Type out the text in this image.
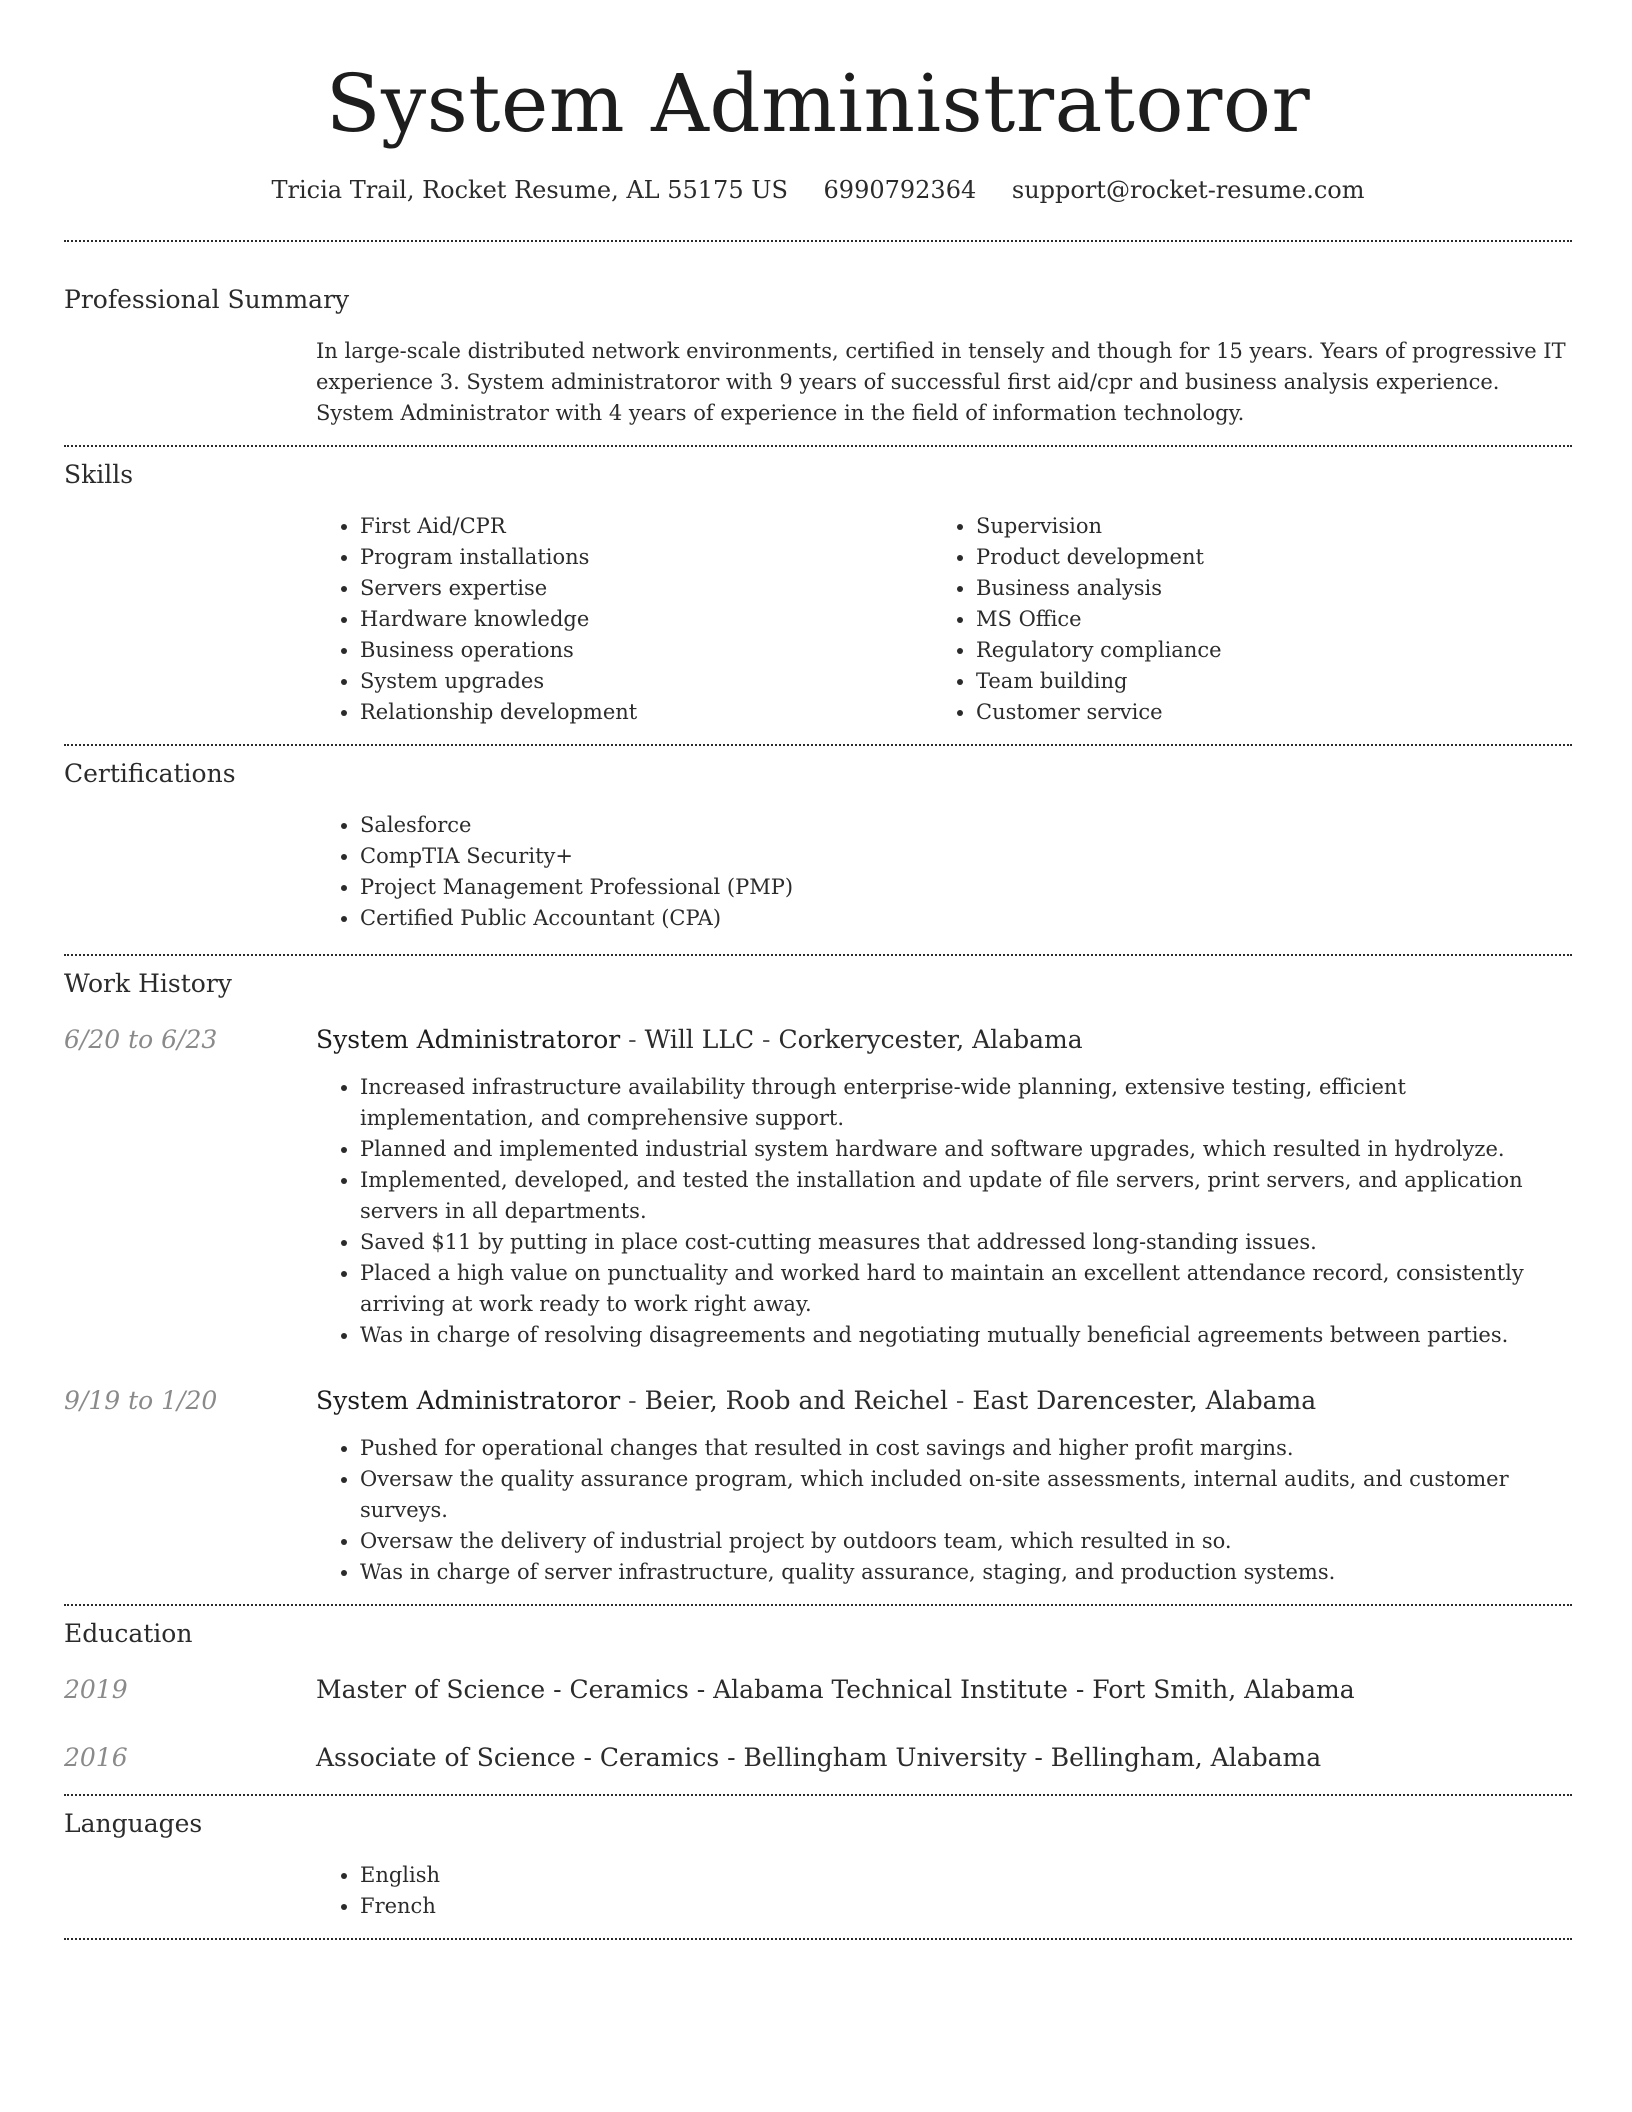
System Administratoror
Tricia Trail, Rocket Resume, AL 55175 US 6990792364 support@rocket-resume.com
Professional Summary

In large-scale distributed network environments, certified in tensely and though for 15 years. Years of progressive IT experience 3. System administratoror with 9 years of successful first aid/cpr and business analysis experience. System Administrator with 4 years of experience in the field of information technology.

Skills
• First Aid/CPR
• Program installations
• Servers expertise
• Hardware knowledge
• Business operations
• System upgrades
• Relationship development
• Supervision
• Product development
• Business analysis
• MS Office
• Regulatory compliance
• Team building
• Customer service
Certifications
• Salesforce
• CompTIA Security+
• Project Management Professional (PMP)
• Certified Public Accountant (CPA)
Work History
6/20 to 6/23	System Administratoror - Will LLC - Corkerycester, Alabama
• Increased infrastructure availability through enterprise-wide planning, extensive testing, efficient implementation, and comprehensive support.
• Planned and implemented industrial system hardware and software upgrades, which resulted in hydrolyze.
• Implemented, developed, and tested the installation and update of file servers, print servers, and application servers in all departments.
• Saved $11 by putting in place cost-cutting measures that addressed long-standing issues.
• Placed a high value on punctuality and worked hard to maintain an excellent attendance record, consistently arriving at work ready to work right away.
• Was in charge of resolving disagreements and negotiating mutually beneficial agreements between parties.
9/19 to 1/20	System Administratoror - Beier, Roob and Reichel - East Darencester, Alabama
• Pushed for operational changes that resulted in cost savings and higher profit margins.
• Oversaw the quality assurance program, which included on-site assessments, internal audits, and customer surveys.
• Oversaw the delivery of industrial project by outdoors team, which resulted in so.
• Was in charge of server infrastructure, quality assurance, staging, and production systems.
Education
2019	Master of Science - Ceramics - Alabama Technical Institute - Fort Smith, Alabama
2016	Associate of Science - Ceramics - Bellingham University - Bellingham, Alabama
Languages
• English
• French
